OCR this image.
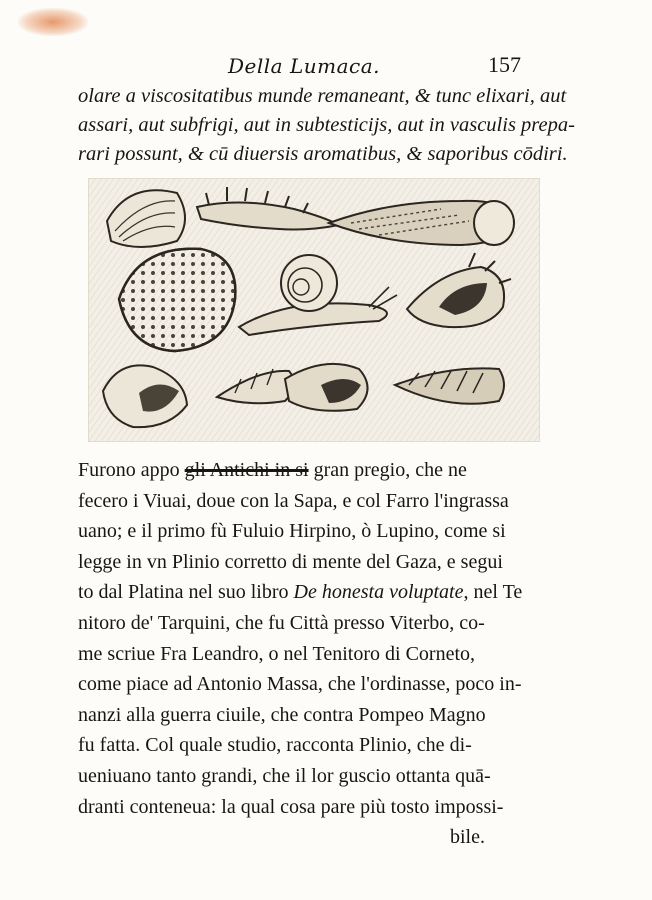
Della Lumaca.	157
olare a viscositatibus munde remaneant, & tunc elixari, aut
assari, aut subfrigi, aut in subtesticijs, aut in vasculis prepa-
rari possunt, & cū diuersis aromatibus, & saporibus cōdiri.
Furono appo gli Antichi in si gran pregio, che ne
fecero i Viuai, doue con la Sapa, e col Farro l'ingrassa
uano; e il primo fù Fuluio Hirpino, ò Lupino, come si
legge in vn Plinio corretto di mente del Gaza, e segui
to dal Platina nel suo libro De honesta voluptate, nel Te
nitoro de' Tarquini, che fu Città presso Viterbo, co-
me scriue Fra Leandro, o nel Tenitoro di Corneto,
come piace ad Antonio Massa, che l'ordinasse, poco in-
nanzi alla guerra ciuile, che contra Pompeo Magno
fu fatta. Col quale studio, racconta Plinio, che di-
ueniuano tanto grandi, che il lor guscio ottanta quā-
dranti conteneua: la qual cosa pare più tosto impossi-
bile.
